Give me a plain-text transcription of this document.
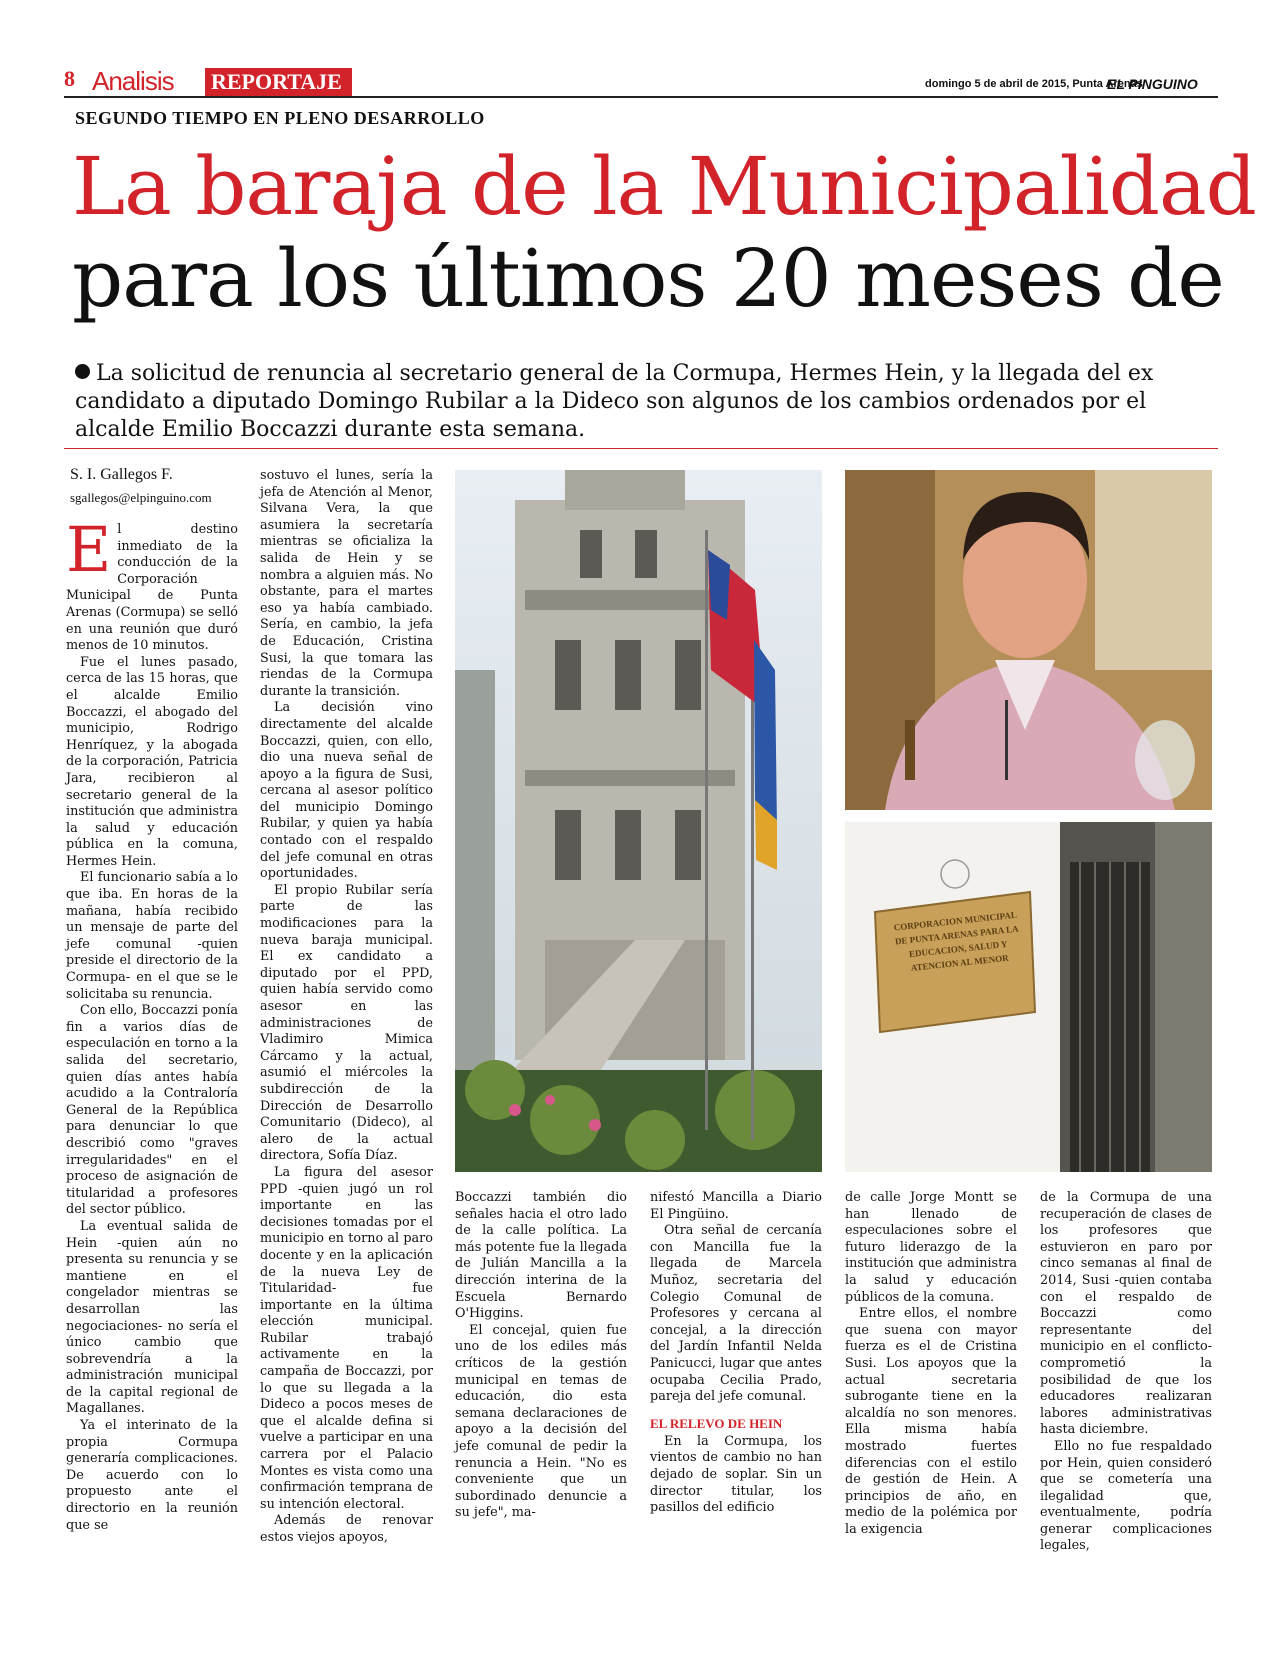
8 Analisis REPORTAJE	domingo 5 de abril de 2015, Punta Arenas
EL PINGUINO
SEGUNDO TIEMPO EN PLENO DESARROLLO
La baraja de la Municipalidad
para los últimos 20 meses de
La solicitud de renuncia al secretario general de la Cormupa, Hermes Hein, y la llegada del ex candidato a diputado Domingo Rubilar a la Dideco son algunos de los cambios ordenados por el alcalde Emilio Boccazzi durante esta semana.
S. I. Gallegos F.
sgallegos@elpinguino.com

El destino inmediato de la conducción de la Corporación Municipal de Punta Arenas (Cormupa) se selló en una reunión que duró menos de 10 minutos.

Fue el lunes pasado, cerca de las 15 horas, que el alcalde Emilio Boccazzi, el abogado del municipio, Rodrigo Henríquez, y la abogada de la corporación, Patricia Jara, recibieron al secretario general de la institución que administra la salud y educación pública en la comuna, Hermes Hein.

El funcionario sabía a lo que iba. En horas de la mañana, había recibido un mensaje de parte del jefe comunal -quien preside el directorio de la Cormupa- en el que se le solicitaba su renuncia.

Con ello, Boccazzi ponía fin a varios días de especulación en torno a la salida del secretario, quien días antes había acudido a la Contraloría General de la República para denunciar lo que describió como "graves irregularidades" en el proceso de asignación de titularidad a profesores del sector público.

La eventual salida de Hein -quien aún no presenta su renuncia y se mantiene en el congelador mientras se desarrollan las negociaciones- no sería el único cambio que sobrevendría a la administración municipal de la capital regional de Magallanes.

Ya el interinato de la propia Cormupa generaría complicaciones. De acuerdo con lo propuesto ante el directorio en la reunión que se

sostuvo el lunes, sería la jefa de Atención al Menor, Silvana Vera, la que asumiera la secretaría mientras se oficializa la salida de Hein y se nombra a alguien más. No obstante, para el martes eso ya había cambiado. Sería, en cambio, la jefa de Educación, Cristina Susi, la que tomara las riendas de la Cormupa durante la transición.

La decisión vino directamente del alcalde Boccazzi, quien, con ello, dio una nueva señal de apoyo a la figura de Susi, cercana al asesor político del municipio Domingo Rubilar, y quien ya había contado con el respaldo del jefe comunal en otras oportunidades.

El propio Rubilar sería parte de las modificaciones para la nueva baraja municipal. El ex candidato a diputado por el PPD, quien había servido como asesor en las administraciones de Vladimiro Mimica Cárcamo y la actual, asumió el miércoles la subdirección de la Dirección de Desarrollo Comunitario (Dideco), al alero de la actual directora, Sofía Díaz.

La figura del asesor PPD -quien jugó un rol importante en las decisiones tomadas por el municipio en torno al paro docente y en la aplicación de la nueva Ley de Titularidad- fue importante en la última elección municipal. Rubilar trabajó activamente en la campaña de Boccazzi, por lo que su llegada a la Dideco a pocos meses de que el alcalde defina si vuelve a participar en una carrera por el Palacio Montes es vista como una confirmación temprana de su intención electoral.

Además de renovar estos viejos apoyos,

CORPORACION MUNICIPAL DE PUNTA ARENAS PARA LA EDUCACION, SALUD Y ATENCION AL MENOR

Boccazzi también dio señales hacia el otro lado de la calle política. La más potente fue la llegada de Julián Mancilla a la dirección interina de la Escuela Bernardo O'Higgins.

El concejal, quien fue uno de los ediles más críticos de la gestión municipal en temas de educación, dio esta semana declaraciones de apoyo a la decisión del jefe comunal de pedir la renuncia a Hein. "No es conveniente que un subordinado denuncie a su jefe", ma-

nifestó Mancilla a Diario El Pingüino.

Otra señal de cercanía con Mancilla fue la llegada de Marcela Muñoz, secretaria del Colegio Comunal de Profesores y cercana al concejal, a la dirección del Jardín Infantil Nelda Panicucci, lugar que antes ocupaba Cecilia Prado, pareja del jefe comunal.

EL RELEVO DE HEIN

En la Cormupa, los vientos de cambio no han dejado de soplar. Sin un director titular, los pasillos del edificio

de calle Jorge Montt se han llenado de especulaciones sobre el futuro liderazgo de la institución que administra la salud y educación públicos de la comuna.

Entre ellos, el nombre que suena con mayor fuerza es el de Cristina Susi. Los apoyos que la actual secretaria subrogante tiene en la alcaldía no son menores. Ella misma había mostrado fuertes diferencias con el estilo de gestión de Hein. A principios de año, en medio de la polémica por la exigencia

de la Cormupa de una recuperación de clases de los profesores que estuvieron en paro por cinco semanas al final de 2014, Susi -quien contaba con el respaldo de Boccazzi como representante del municipio en el conflicto- comprometió la posibilidad de que los educadores realizaran labores administrativas hasta diciembre.

Ello no fue respaldado por Hein, quien consideró que se cometería una ilegalidad que, eventualmente, podría generar complicaciones legales,
